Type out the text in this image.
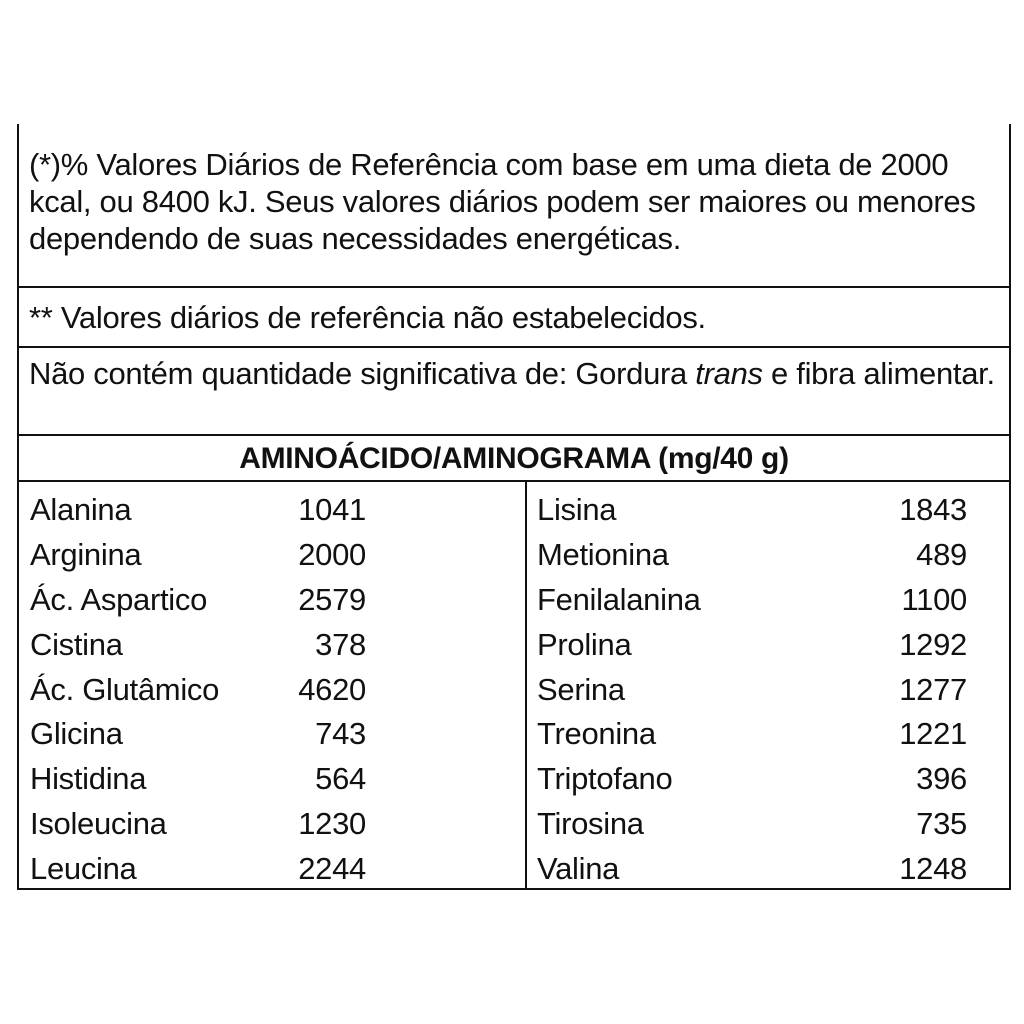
(*)% Valores Diários de Referência com base em uma dieta de 2000 kcal, ou 8400 kJ. Seus valores diários podem ser maiores ou menores dependendo de suas necessidades energéticas.
** Valores diários de referência não estabelecidos.
Não contém quantidade significativa de: Gordura trans e fibra alimentar.
AMINOÁCIDO/AMINOGRAMA (mg/40 g)
Alanina	1041
Arginina	2000
Ác. Aspartico	2579
Cistina	378
Ác. Glutâmico	4620
Glicina	743
Histidina	564
Isoleucina	1230
Leucina	2244
Lisina	1843
Metionina	489
Fenilalanina	1100
Prolina	1292
Serina	1277
Treonina	1221
Triptofano	396
Tirosina	735
Valina	1248
